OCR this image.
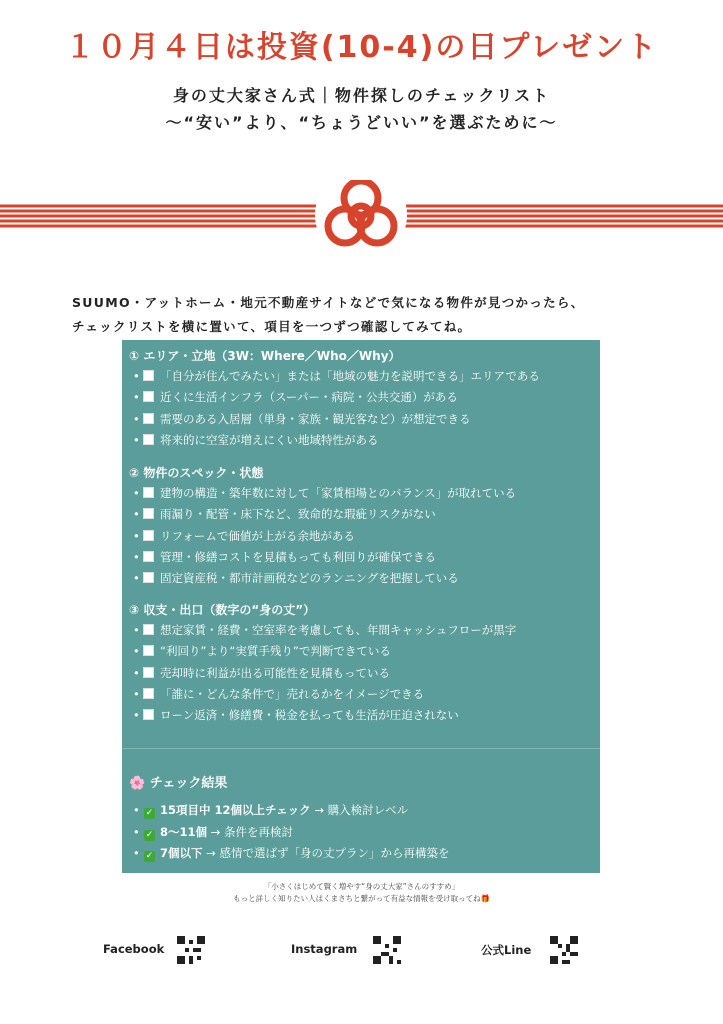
１０月４日は投資(10-4)の日プレゼント
身の丈大家さん式｜物件探しのチェックリスト
〜“安い”より、“ちょうどいい”を選ぶために〜
SUUMO・アットホーム・地元不動産サイトなどで気になる物件が見つかったら、
チェックリストを横に置いて、項目を一つずつ確認してみてね。
① エリア・立地（3W：Where／Who／Why）
• 「自分が住んでみたい」または「地域の魅力を説明できる」エリアである
• 近くに生活インフラ（スーパー・病院・公共交通）がある
• 需要のある入居層（単身・家族・観光客など）が想定できる
• 将来的に空室が増えにくい地域特性がある
② 物件のスペック・状態
• 建物の構造・築年数に対して「家賃相場とのバランス」が取れている
• 雨漏り・配管・床下など、致命的な瑕疵リスクがない
• リフォームで価値が上がる余地がある
• 管理・修繕コストを見積もっても利回りが確保できる
• 固定資産税・都市計画税などのランニングを把握している
③ 収支・出口（数字の“身の丈”）
• 想定家賃・経費・空室率を考慮しても、年間キャッシュフローが黒字
• “利回り”より“実質手残り”で判断できている
• 売却時に利益が出る可能性を見積もっている
• 「誰に・どんな条件で」売れるかをイメージできる
• ローン返済・修繕費・税金を払っても生活が圧迫されない
🌸 チェック結果
• ✓ 15項目中 12個以上チェック → 購入検討レベル
• ✓ 8〜11個 → 条件を再検討
• ✓ 7個以下 → 感情で選ばず「身の丈プラン」から再構築を
「小さくはじめて賢く増やす“身の丈大家”さんのすすめ」
もっと詳しく知りたい人はくまさちと繋がって有益な情報を受け取ってね🎁
Facebook	Instagram	公式Line
